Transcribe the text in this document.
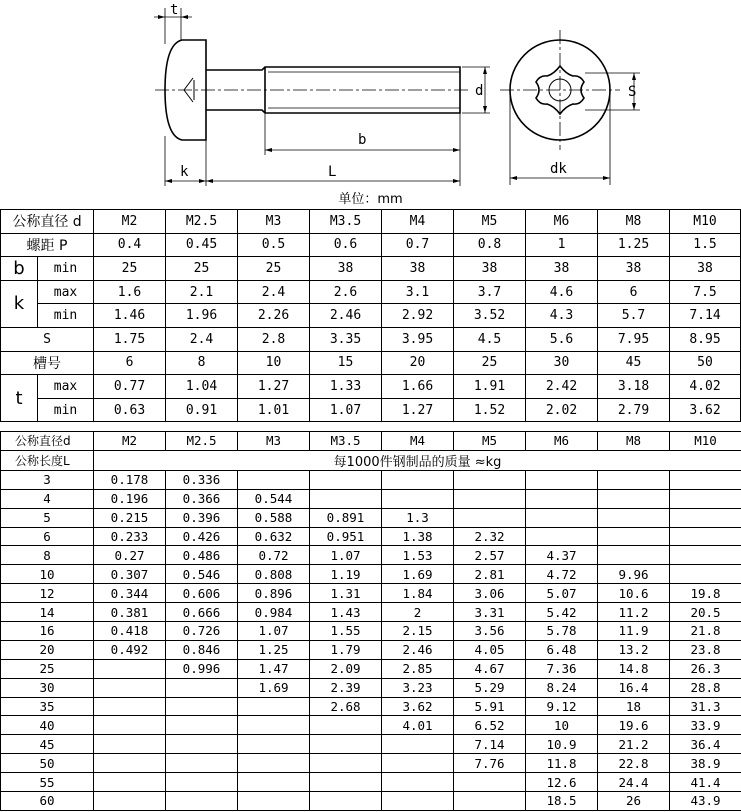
t
d
b
k	L
S
dk
单位：mm
公称直径 d		M2	M2.5	M3	M3.5	M4	M5	M6	M8	M10
螺距 P		0.4	0.45	0.5	0.6	0.7	0.8	1	1.25	1.5
b	min	25	25	25	38	38	38	38	38	38
k	max	1.6	2.1	2.4	2.6	3.1	3.7	4.6	6	7.5
	min	1.46	1.96	2.26	2.46	2.92	3.52	4.3	5.7	7.14
S		1.75	2.4	2.8	3.35	3.95	4.5	5.6	7.95	8.95
槽号		6	8	10	15	20	25	30	45	50
t	max	0.77	1.04	1.27	1.33	1.66	1.91	2.42	3.18	4.02
	min	0.63	0.91	1.01	1.07	1.27	1.52	2.02	2.79	3.62
公称直径d	M2	M2.5	M3	M3.5	M4	M5	M6	M8	M10
公称长度L	每1000件钢制品的质量 ≈kg								
3	0.178	0.336							
4	0.196	0.366	0.544						
5	0.215	0.396	0.588	0.891	1.3				
6	0.233	0.426	0.632	0.951	1.38	2.32			
8	0.27	0.486	0.72	1.07	1.53	2.57	4.37		
10	0.307	0.546	0.808	1.19	1.69	2.81	4.72	9.96	
12	0.344	0.606	0.896	1.31	1.84	3.06	5.07	10.6	19.8
14	0.381	0.666	0.984	1.43	2	3.31	5.42	11.2	20.5
16	0.418	0.726	1.07	1.55	2.15	3.56	5.78	11.9	21.8
20	0.492	0.846	1.25	1.79	2.46	4.05	6.48	13.2	23.8
25		0.996	1.47	2.09	2.85	4.67	7.36	14.8	26.3
30			1.69	2.39	3.23	5.29	8.24	16.4	28.8
35				2.68	3.62	5.91	9.12	18	31.3
40					4.01	6.52	10	19.6	33.9
45						7.14	10.9	21.2	36.4
50						7.76	11.8	22.8	38.9
55							12.6	24.4	41.4
60							18.5	26	43.9
